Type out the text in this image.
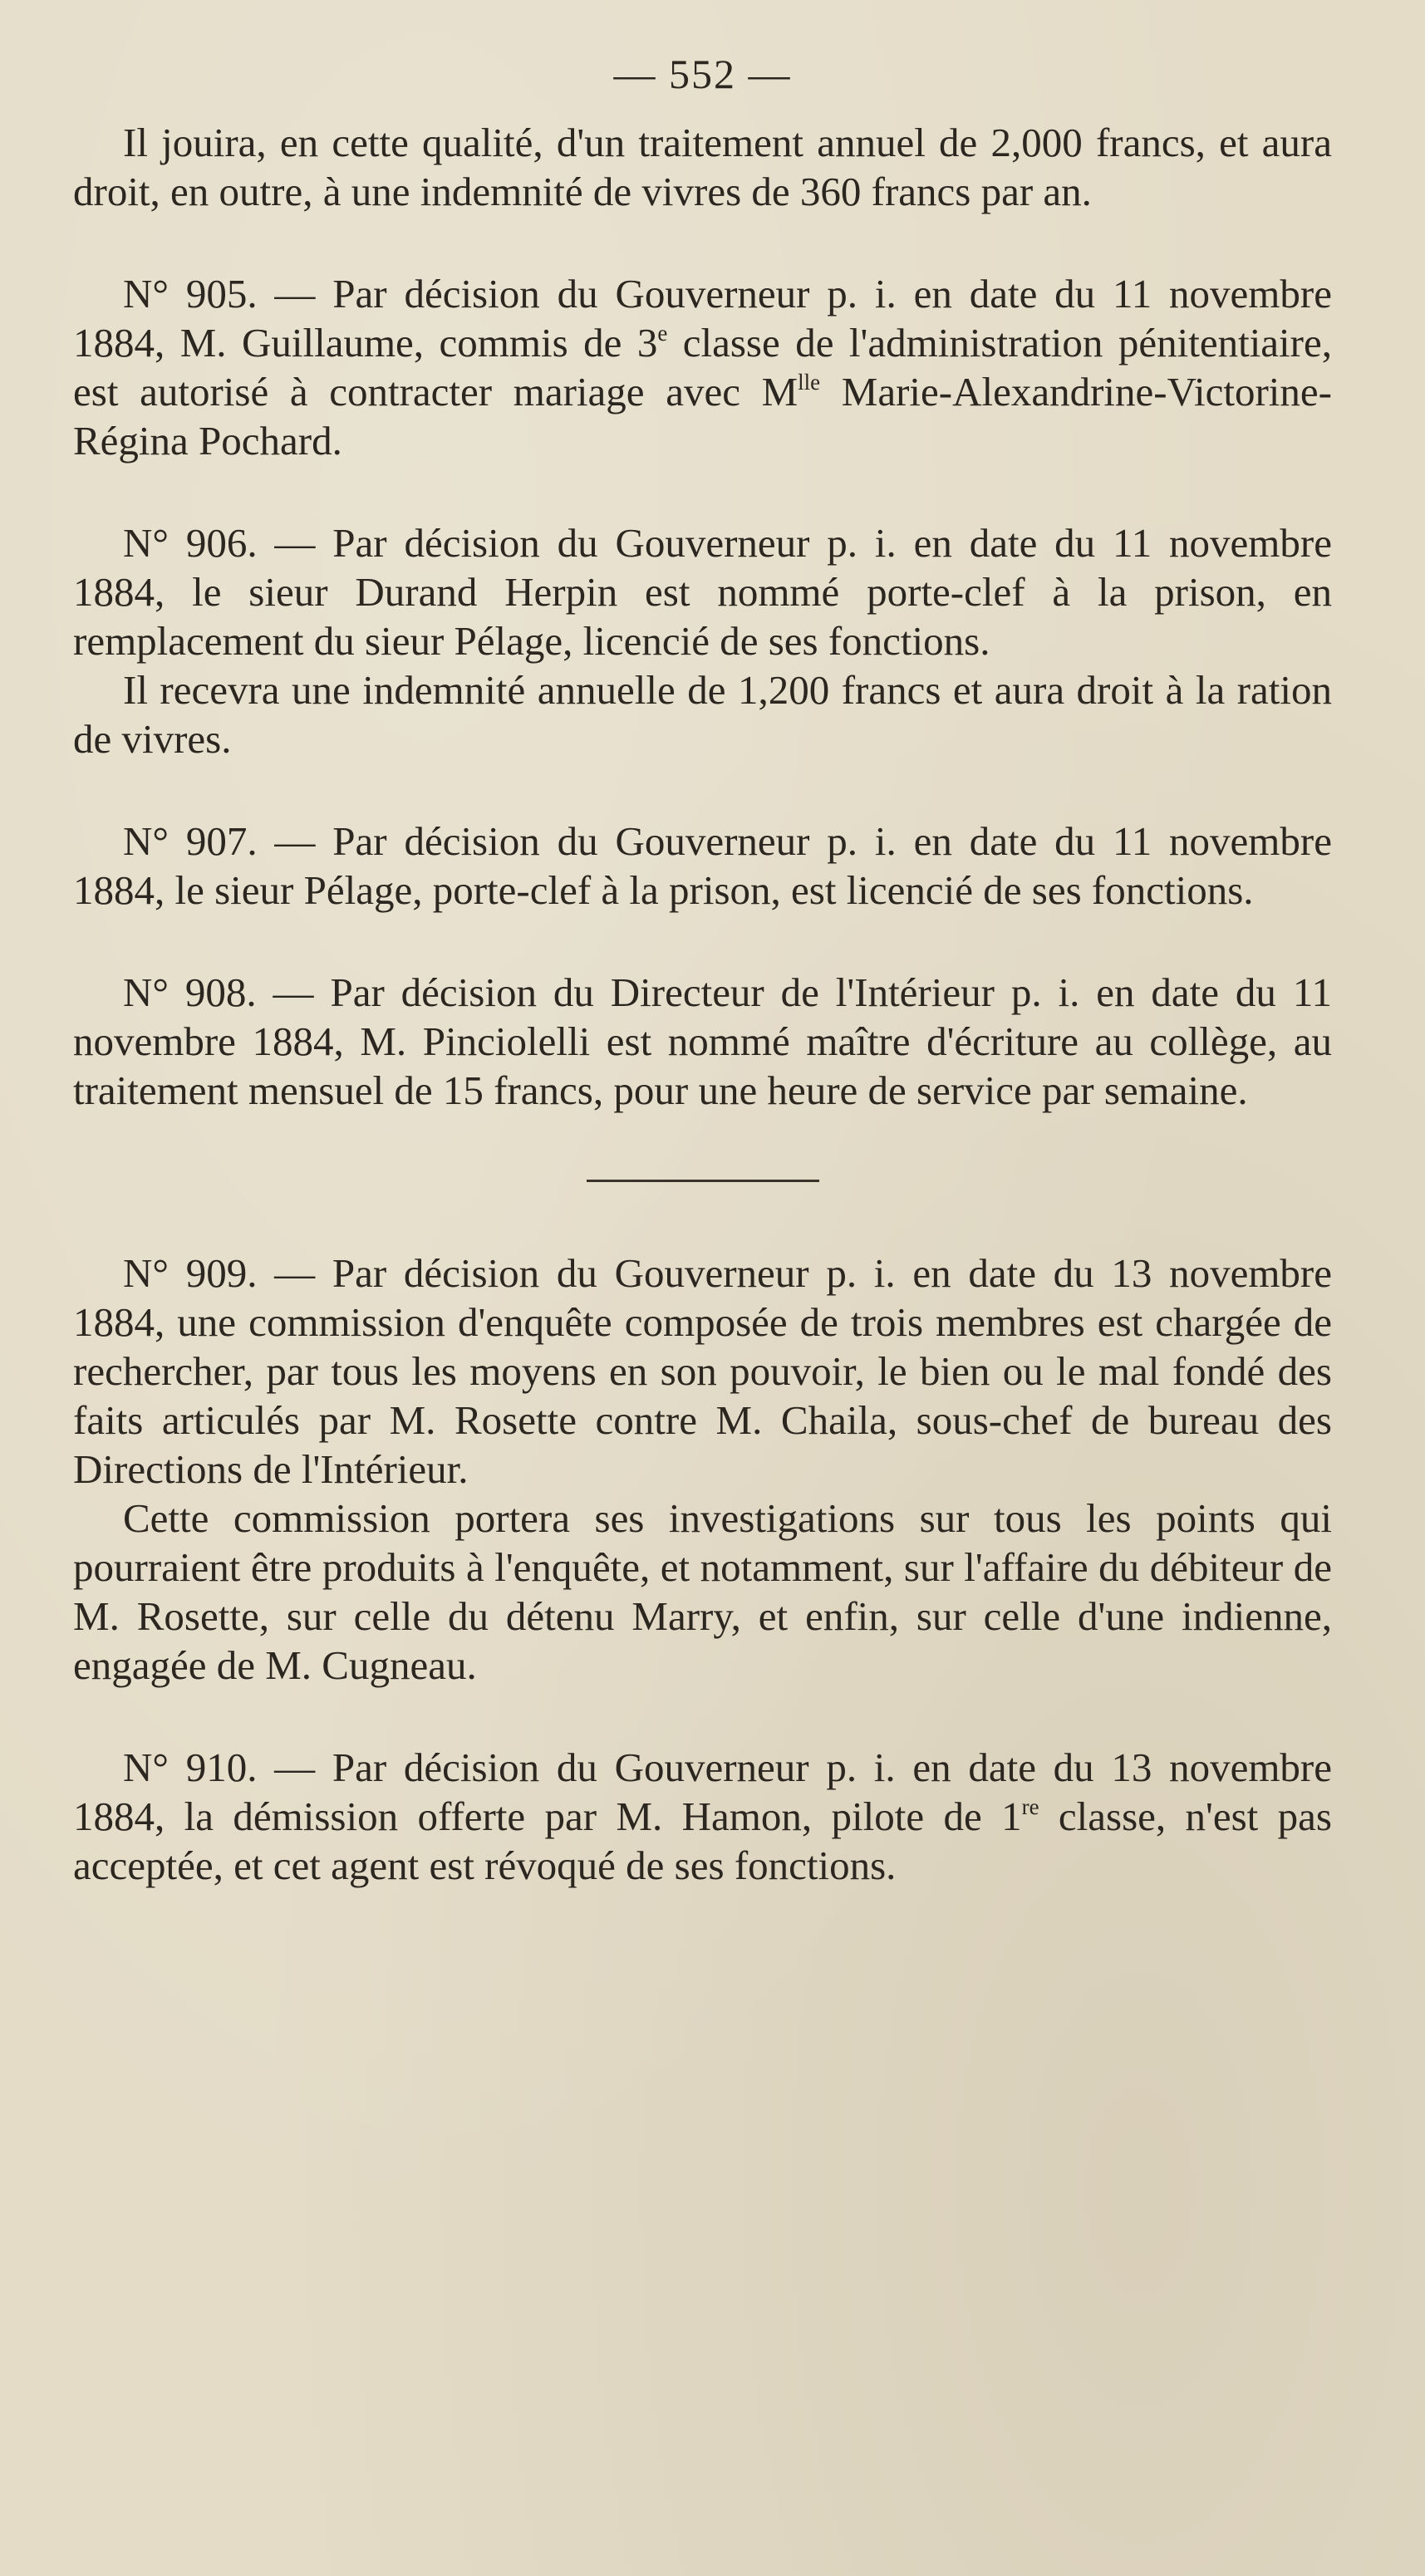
— 552 —

Il jouira, en cette qualité, d'un traitement annuel de 2,000 francs, et aura droit, en outre, à une indemnité de vivres de 360 francs par an.

N° 905. — Par décision du Gouverneur p. i. en date du 11 novembre 1884, M. Guillaume, commis de 3e classe de l'administration pénitentiaire, est autorisé à contracter mariage avec $M^{lle}$ Marie-Alexandrine-Victorine-Régina Pochard.

N° 906. — Par décision du Gouverneur p. i. en date du 11 novembre 1884, le sieur Durand Herpin est nommé porte-clef à la prison, en remplacement du sieur Pélage, licencié de ses fonctions.

Il recevra une indemnité annuelle de 1,200 francs et aura droit à la ration de vivres.

N° 907. — Par décision du Gouverneur p. i. en date du 11 novembre 1884, le sieur Pélage, porte-clef à la prison, est licencié de ses fonctions.

N° 908. — Par décision du Directeur de l'Intérieur p. i. en date du 11 novembre 1884, M. Pinciolelli est nommé maître d'écriture au collège, au traitement mensuel de 15 francs, pour une heure de service par semaine.

N° 909. — Par décision du Gouverneur p. i. en date du 13 novembre 1884, une commission d'enquête composée de trois membres est chargée de rechercher, par tous les moyens en son pouvoir, le bien ou le mal fondé des faits articulés par M. Rosette contre M. Chaila, sous-chef de bureau des Directions de l'Intérieur.

Cette commission portera ses investigations sur tous les points qui pourraient être produits à l'enquête, et notamment, sur l'affaire du débiteur de M. Rosette, sur celle du détenu Marry, et enfin, sur celle d'une indienne, engagée de M. Cugneau.

N° 910. — Par décision du Gouverneur p. i. en date du 13 novembre 1884, la démission offerte par M. Hamon, pilote de 1re classe, n'est pas acceptée, et cet agent est révoqué de ses fonctions.
